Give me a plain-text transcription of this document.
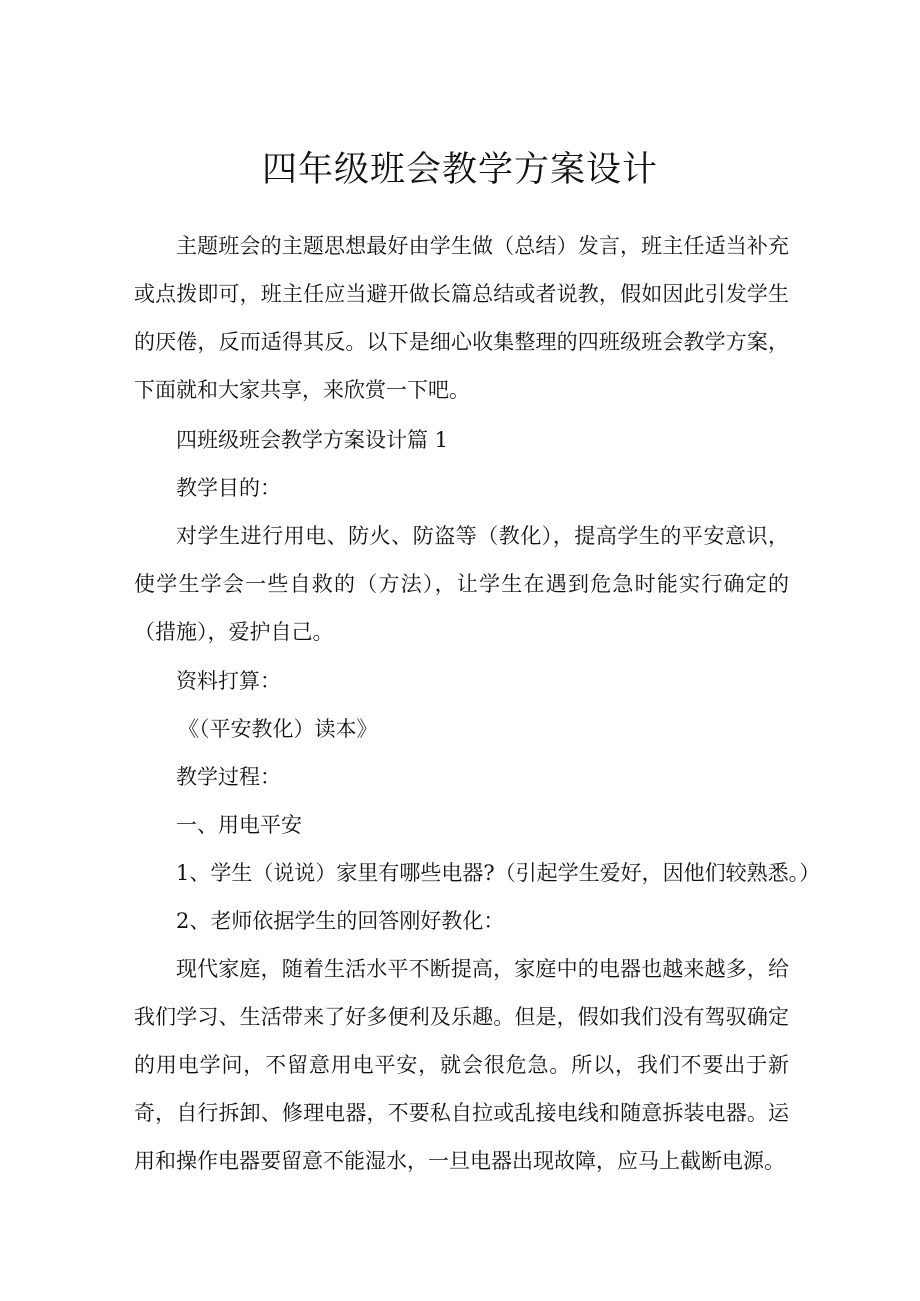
四年级班会教学方案设计

主题班会的主题思想最好由学生做（总结）发言，班主任适当补充或点拨即可，班主任应当避开做长篇总结或者说教，假如因此引发学生的厌倦，反而适得其反。以下是细心收集整理的四班级班会教学方案，下面就和大家共享，来欣赏一下吧。

四班级班会教学方案设计篇 1

教学目的：

对学生进行用电、防火、防盗等（教化），提高学生的平安意识，使学生学会一些自救的（方法），让学生在遇到危急时能实行确定的（措施），爱护自己。

资料打算：

《（平安教化）读本》

教学过程：

一、用电平安

1、学生（说说）家里有哪些电器?（引起学生爱好，因他们较熟悉。）

2、老师依据学生的回答刚好教化：

现代家庭，随着生活水平不断提高，家庭中的电器也越来越多，给我们学习、生活带来了好多便利及乐趣。但是，假如我们没有驾驭确定的用电学问，不留意用电平安，就会很危急。所以，我们不要出于新奇，自行拆卸、修理电器，不要私自拉或乱接电线和随意拆装电器。运用和操作电器要留意不能湿水，一旦电器出现故障，应马上截断电源。
